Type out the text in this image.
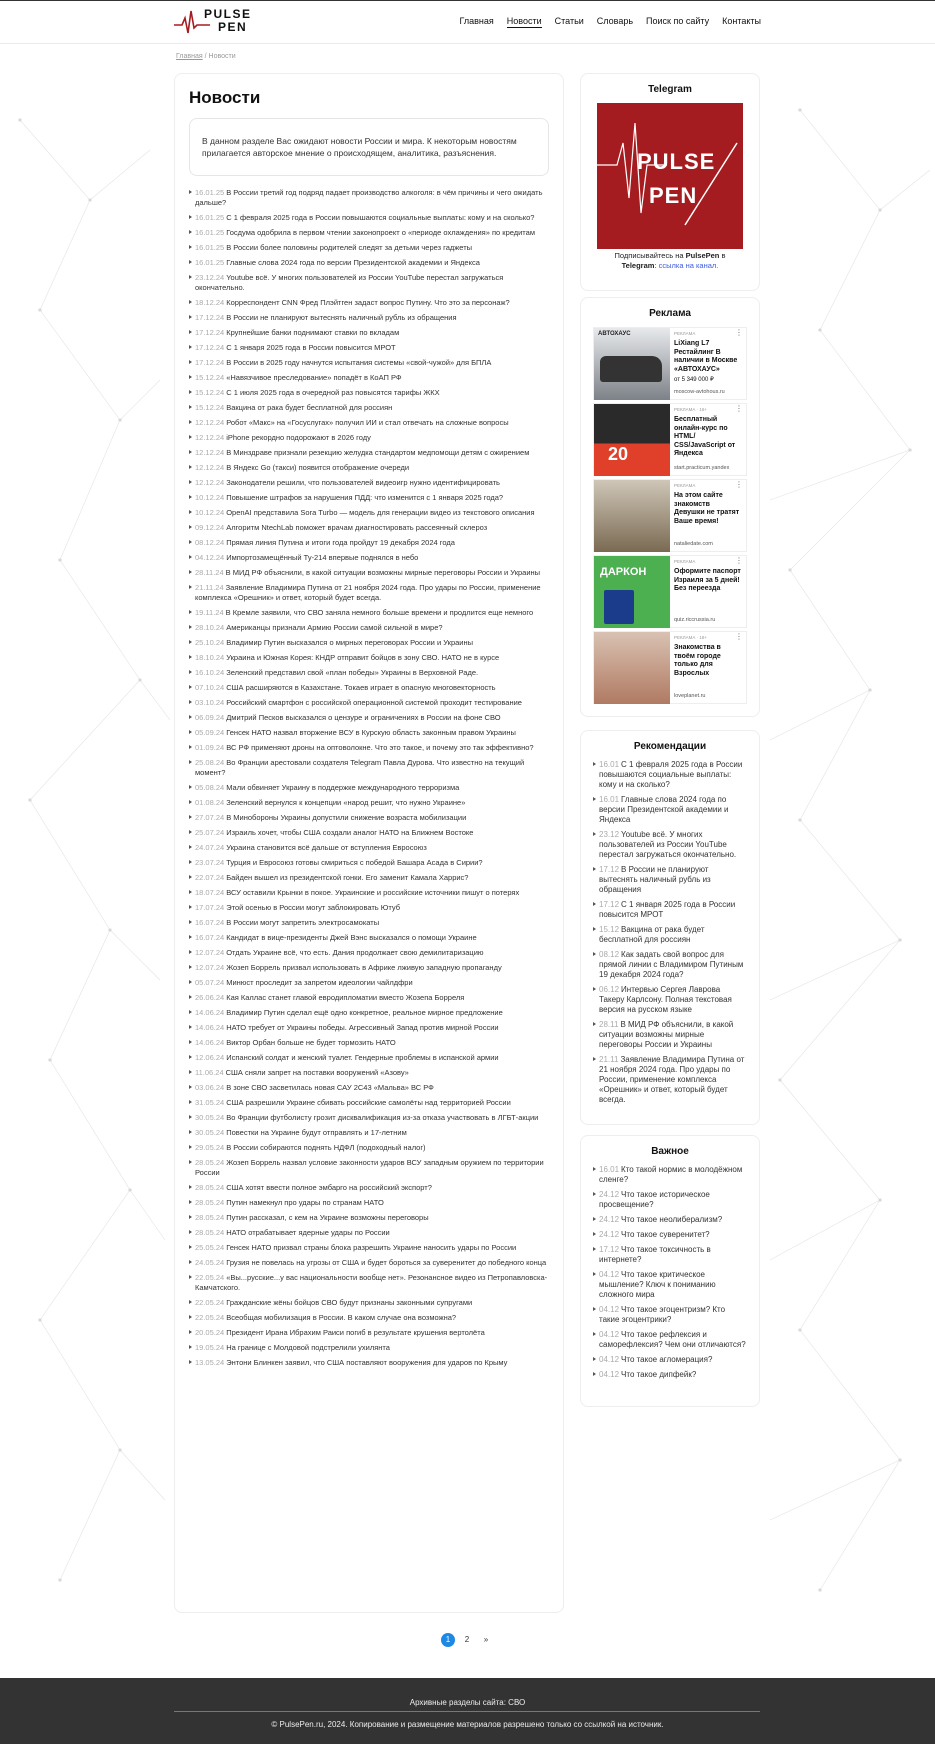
PULSE
PEN	Главная Новости Статьи Словарь Поиск по сайту Контакты
Главная / Новости
Новости
В данном разделе Вас ожидают новости России и мира. К некоторым новостям прилагается авторское мнение о происходящем, аналитика, разъяснения.
16.01.25 В России третий год подряд падает производство алкоголя: в чём причины и чего ожидать дальше?
16.01.25 С 1 февраля 2025 года в России повышаются социальные выплаты: кому и на сколько?
16.01.25 Госдума одобрила в первом чтении законопроект о «периоде охлаждения» по кредитам
16.01.25 В России более половины родителей следят за детьми через гаджеты
16.01.25 Главные слова 2024 года по версии Президентской академии и Яндекса
23.12.24 Youtube всё. У многих пользователей из России YouTube перестал загружаться окончательно.
18.12.24 Корреспондент CNN Фред Плэйтген задаст вопрос Путину. Что это за персонаж?
17.12.24 В России не планируют вытеснять наличный рубль из обращения
17.12.24 Крупнейшие банки поднимают ставки по вкладам
17.12.24 С 1 января 2025 года в России повысится МРОТ
17.12.24 В России в 2025 году начнутся испытания системы «свой-чужой» для БПЛА
15.12.24 «Навязчивое преследование» попадёт в КоАП РФ
15.12.24 С 1 июля 2025 года в очередной раз повысятся тарифы ЖКХ
15.12.24 Вакцина от рака будет бесплатной для россиян
12.12.24 Робот «Макс» на «Госуслугах» получил ИИ и стал отвечать на сложные вопросы
12.12.24 iPhone рекордно подорожают в 2026 году
12.12.24 В Минздраве признали резекцию желудка стандартом медпомощи детям с ожирением
12.12.24 В Яндекс Go (такси) появится отображение очереди
12.12.24 Законодатели решили, что пользователей видеоигр нужно идентифицировать
10.12.24 Повышение штрафов за нарушения ПДД: что изменится с 1 января 2025 года?
10.12.24 OpenAI представила Sora Turbo — модель для генерации видео из текстового описания
09.12.24 Алгоритм NtechLab поможет врачам диагностировать рассеянный склероз
08.12.24 Прямая линия Путина и итоги года пройдут 19 декабря 2024 года
04.12.24 Импортозамещённый Ту-214 впервые поднялся в небо
28.11.24 В МИД РФ объяснили, в какой ситуации возможны мирные переговоры России и Украины
21.11.24 Заявление Владимира Путина от 21 ноября 2024 года. Про удары по России, применение комплекса «Орешник» и ответ, который будет всегда.
19.11.24 В Кремле заявили, что СВО заняла немного больше времени и продлится еще немного
28.10.24 Американцы признали Армию России самой сильной в мире?
25.10.24 Владимир Путин высказался о мирных переговорах России и Украины
18.10.24 Украина и Южная Корея: КНДР отправит бойцов в зону СВО. НАТО не в курсе
16.10.24 Зеленский представил свой «план победы» Украины в Верховной Раде.
07.10.24 США расширяются в Казахстане. Токаев играет в опасную многовекторность
03.10.24 Российский смартфон с российской операционной системой проходит тестирование
06.09.24 Дмитрий Песков высказался о цензуре и ограничениях в России на фоне СВО
05.09.24 Генсек НАТО назвал вторжение ВСУ в Курскую область законным правом Украины
01.09.24 ВС РФ применяют дроны на оптоволокне. Что это такое, и почему это так эффективно?
25.08.24 Во Франции арестовали создателя Telegram Павла Дурова. Что известно на текущий момент?
05.08.24 Мали обвиняет Украину в поддержке международного терроризма
01.08.24 Зеленский вернулся к концепции «народ решит, что нужно Украине»
27.07.24 В Минобороны Украины допустили снижение возраста мобилизации
25.07.24 Израиль хочет, чтобы США создали аналог НАТО на Ближнем Востоке
24.07.24 Украина становится всё дальше от вступления Евросоюз
23.07.24 Турция и Евросоюз готовы смириться с победой Башара Асада в Сирии?
22.07.24 Байден вышел из президентской гонки. Его заменит Камала Харрис?
18.07.24 ВСУ оставили Крынки в покое. Украинские и российские источники пишут о потерях
17.07.24 Этой осенью в России могут заблокировать Ютуб
16.07.24 В России могут запретить электросамокаты
16.07.24 Кандидат в вице-президенты Джей Вэнс высказался о помощи Украине
12.07.24 Отдать Украине всё, что есть. Дания продолжает свою демилитаризацию
12.07.24 Жозеп Боррель призвал использовать в Африке лживую западную пропаганду
05.07.24 Минюст проследит за запретом идеологии чайлдфри
26.06.24 Кая Каллас станет главой евродипломатии вместо Жозепа Борреля
14.06.24 Владимир Путин сделал ещё одно конкретное, реальное мирное предложение
14.06.24 НАТО требует от Украины победы. Агрессивный Запад против мирной России
14.06.24 Виктор Орбан больше не будет тормозить НАТО
12.06.24 Испанский солдат и женский туалет. Гендерные проблемы в испанской армии
11.06.24 США сняли запрет на поставки вооружений «Азову»
03.06.24 В зоне СВО засветилась новая САУ 2С43 «Мальва» ВС РФ
31.05.24 США разрешили Украине сбивать российские самолёты над территорией России
30.05.24 Во Франции футболисту грозит дисквалификация из-за отказа участвовать в ЛГБТ-акции
30.05.24 Повестки на Украине будут отправлять и 17-летним
29.05.24 В России собираются поднять НДФЛ (подоходный налог)
28.05.24 Жозеп Боррель назвал условие законности ударов ВСУ западным оружием по территории России
28.05.24 США хотят ввести полное эмбарго на российский экспорт?
28.05.24 Путин намекнул про удары по странам НАТО
28.05.24 Путин рассказал, с кем на Украине возможны переговоры
28.05.24 НАТО отрабатывает ядерные удары по России
25.05.24 Генсек НАТО призвал страны блока разрешить Украине наносить удары по России
24.05.24 Грузия не повелась на угрозы от США и будет бороться за суверенитет до победного конца
22.05.24 «Вы...русские...у вас национальности вообще нет». Резонансное видео из Петропавловска-Камчатского.
22.05.24 Гражданские жёны бойцов СВО будут признаны законными супругами
22.05.24 Всеобщая мобилизация в России. В каком случае она возможна?
20.05.24 Президент Ирана Ибрахим Раиси погиб в результате крушения вертолёта
19.05.24 На границе с Молдовой подстрелили ухилянта
13.05.24 Энтони Блинкен заявил, что США поставляют вооружения для ударов по Крыму
Telegram
PULSE
PEN
Подписывайтесь на PulsePen в
Telegram: ссылка на канал.
Реклама
АВТОХАУС	РЕКЛАМА	⋮
LiXiang L7 Рестайлинг В наличии в Москве «АВТОХАУС»
от 5 349 000 ₽
moscow-avtohous.ru
20
РЕКЛАМА · 16+	⋮
Бесплатный онлайн-курс по HTML/ CSS/JavaScript от Яндекса
start.practicum.yandex
РЕКЛАМА	⋮
На этом сайте знакомств Девушки не тратят Ваше время!
nataliedate.com
ДАРКОН
РЕКЛАМА	⋮
Оформите паспорт Израиля за 5 дней! Без переезда
quiz.riccrussia.ru
РЕКЛАМА · 18+	⋮
Знакомства в твоём городе только для Взрослых
loveplanet.ru
Рекомендации
16.01 С 1 февраля 2025 года в России повышаются социальные выплаты: кому и на сколько?
16.01 Главные слова 2024 года по версии Президентской академии и Яндекса
23.12 Youtube всё. У многих пользователей из России YouTube перестал загружаться окончательно.
17.12 В России не планируют вытеснять наличный рубль из обращения
17.12 С 1 января 2025 года в России повысится МРОТ
15.12 Вакцина от рака будет бесплатной для россиян
08.12 Как задать свой вопрос для прямой линии с Владимиром Путиным 19 декабря 2024 года?
06.12 Интервью Сергея Лаврова Такеру Карлсону. Полная текстовая версия на русском языке
28.11 В МИД РФ объяснили, в какой ситуации возможны мирные переговоры России и Украины
21.11 Заявление Владимира Путина от 21 ноября 2024 года. Про удары по России, применение комплекса «Орешник» и ответ, который будет всегда.
Важное
16.01 Кто такой нормис в молодёжном сленге?
24.12 Что такое историческое просвещение?
24.12 Что такое неолиберализм?
24.12 Что такое суверенитет?
17.12 Что такое токсичность в интернете?
04.12 Что такое критическое мышление? Ключ к пониманию сложного мира
04.12 Что такое эгоцентризм? Кто такие эгоцентрики?
04.12 Что такое рефлексия и саморефлексия? Чем они отличаются?
04.12 Что такое агломерация?
04.12 Что такое дипфейк?
1	2	»
Архивные разделы сайта: СВО
© PulsePen.ru, 2024. Копирование и размещение материалов разрешено только со ссылкой на источник.
